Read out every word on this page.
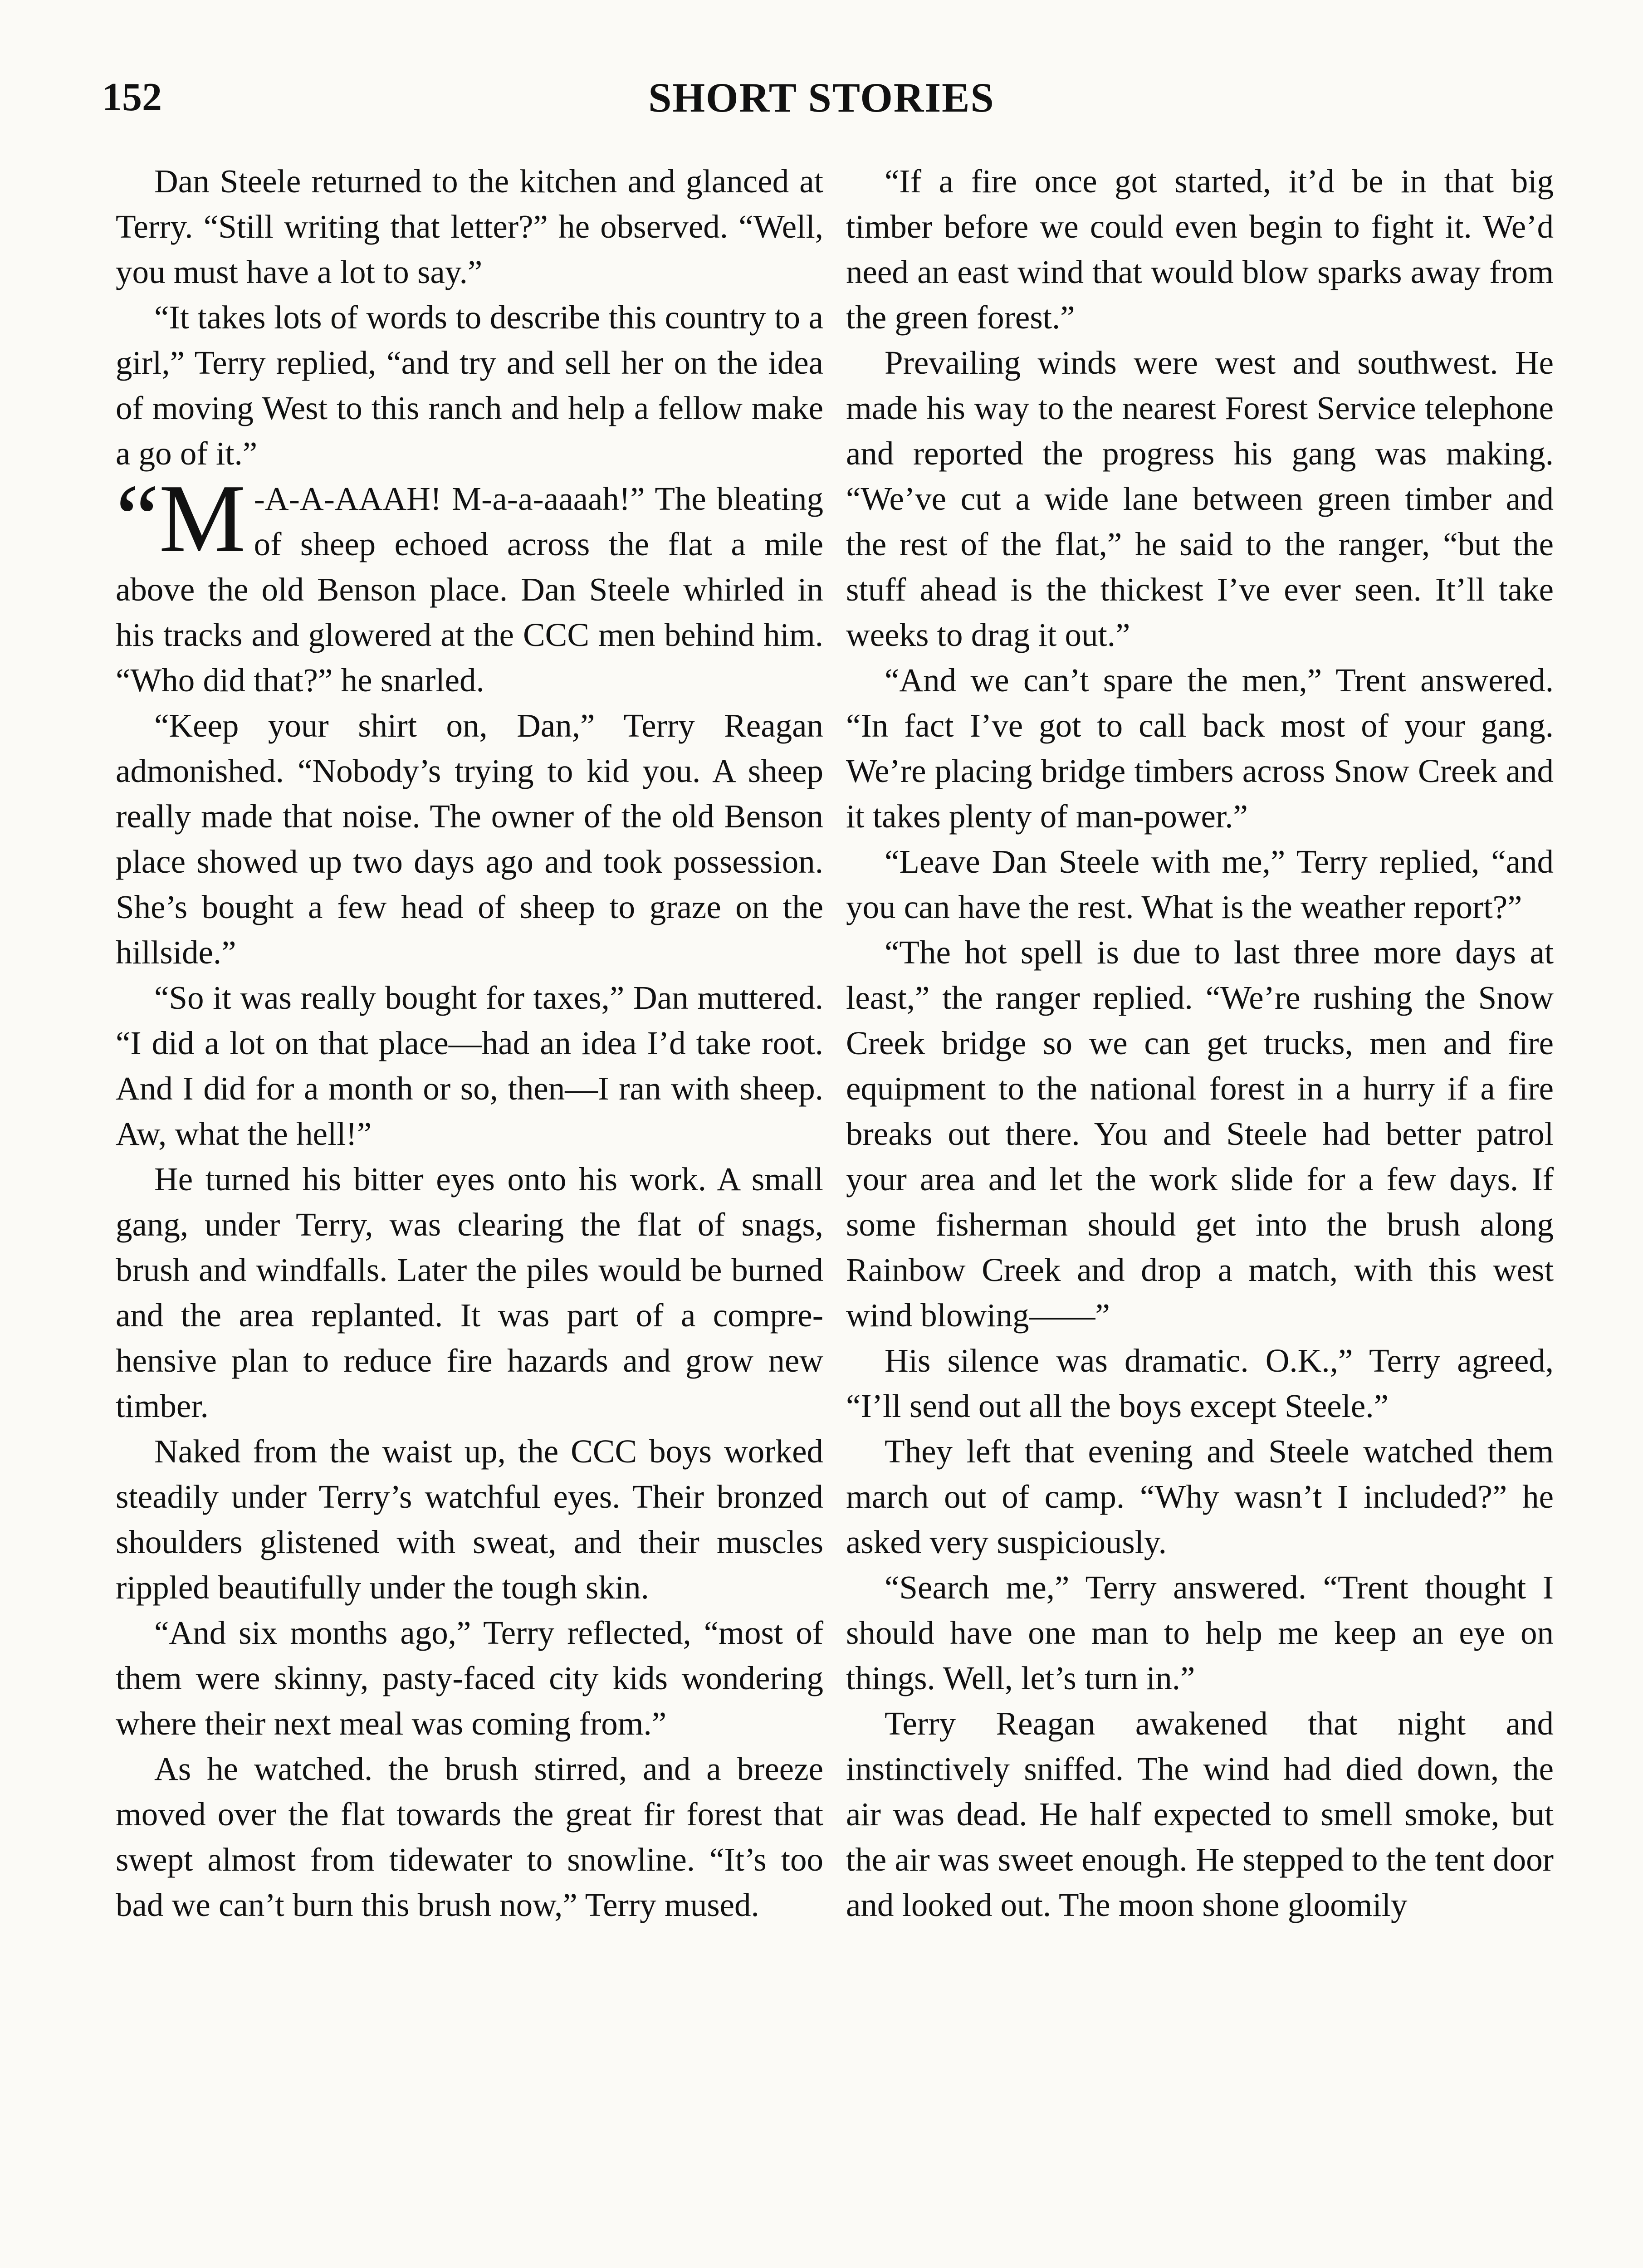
152	SHORT STORIES

Dan Steele returned to the kitchen and glanced at Terry. “Still writing that letter?” he observed. “Well, you must have a lot to say.”

“It takes lots of words to describe this country to a girl,” Terry replied, “and try and sell her on the idea of moving West to this ranch and help a fellow make a go of it.”

“M -A-A-AAAH! M-a-a-aaaah!” The bleating of sheep echoed across the flat a mile above the old Benson place. Dan Steele whirled in his tracks and glowered at the CCC men behind him. “Who did that?” he snarled.

“Keep your shirt on, Dan,” Terry Reagan admonished. “Nobody’s trying to kid you. A sheep really made that noise. The owner of the old Benson place showed up two days ago and took possession. She’s bought a few head of sheep to graze on the hillside.”

“So it was really bought for taxes,” Dan muttered. “I did a lot on that place—had an idea I’d take root. And I did for a month or so, then—I ran with sheep. Aw, what the hell!”

He turned his bitter eyes onto his work. A small gang, under Terry, was clearing the flat of snags, brush and windfalls. Later the piles would be burned and the area replanted. It was part of a comprehensive plan to reduce fire hazards and grow new timber.

Naked from the waist up, the CCC boys worked steadily under Terry’s watchful eyes. Their bronzed shoulders glistened with sweat, and their muscles rippled beautifully under the tough skin.

“And six months ago,” Terry reflected, “most of them were skinny, pasty-faced city kids wondering where their next meal was coming from.”

As he watched. the brush stirred, and a breeze moved over the flat towards the great fir forest that swept almost from tidewater to snowline. “It’s too bad we can’t burn this brush now,” Terry mused.

“If a fire once got started, it’d be in that big timber before we could even begin to fight it. We’d need an east wind that would blow sparks away from the green forest.”

Prevailing winds were west and southwest. He made his way to the nearest Forest Service telephone and reported the progress his gang was making. “We’ve cut a wide lane between green timber and the rest of the flat,” he said to the ranger, “but the stuff ahead is the thickest I’ve ever seen. It’ll take weeks to drag it out.”

“And we can’t spare the men,” Trent answered. “In fact I’ve got to call back most of your gang. We’re placing bridge timbers across Snow Creek and it takes plenty of man-power.”

“Leave Dan Steele with me,” Terry replied, “and you can have the rest. What is the weather report?”

“The hot spell is due to last three more days at least,” the ranger replied. “We’re rushing the Snow Creek bridge so we can get trucks, men and fire equipment to the national forest in a hurry if a fire breaks out there. You and Steele had better patrol your area and let the work slide for a few days. If some fisherman should get into the brush along Rainbow Creek and drop a match, with this west wind blowing——”

His silence was dramatic. O.K.,” Terry agreed, “I’ll send out all the boys except Steele.”

They left that evening and Steele watched them march out of camp. “Why wasn’t I included?” he asked very suspiciously.

“Search me,” Terry answered. “Trent thought I should have one man to help me keep an eye on things. Well, let’s turn in.”

Terry Reagan awakened that night and instinctively sniffed. The wind had died down, the air was dead. He half expected to smell smoke, but the air was sweet enough. He stepped to the tent door and looked out. The moon shone gloomily
